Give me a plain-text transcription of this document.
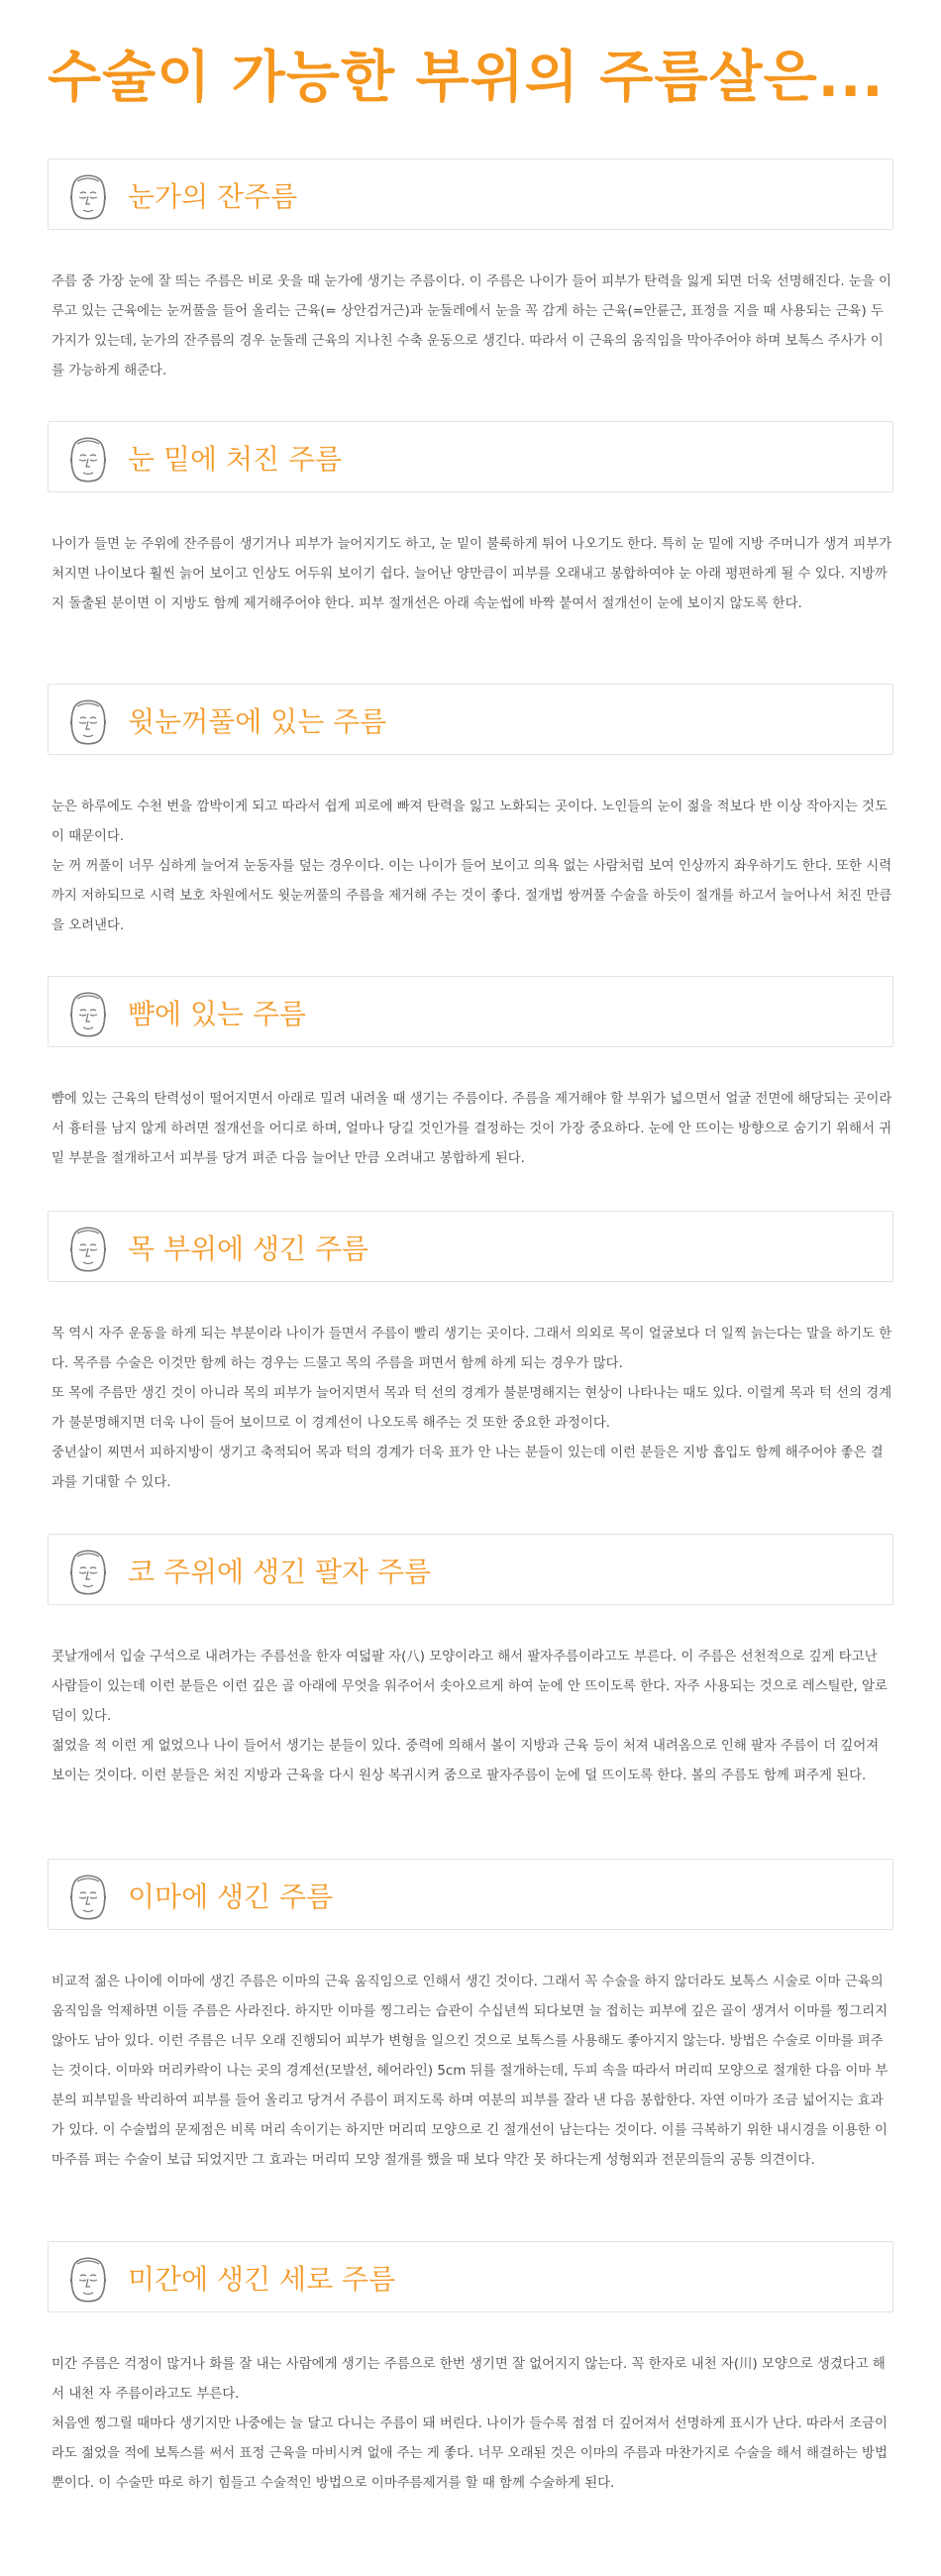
수술이 가능한 부위의 주름살은...
눈가의 잔주름

주름 중 가장 눈에 잘 띄는 주름은 비로 웃을 때 눈가에 생기는 주름이다. 이 주름은 나이가 들어 피부가 탄력을 잃게 되면 더욱 선명해진다. 눈을 이루고 있는 근육에는 눈꺼풀을 들어 올리는 근육(= 상안검거근)과 눈둘레에서 눈을 꼭 감게 하는 근육(=안륜근, 표정을 지을 때 사용되는 근육) 두 가지가 있는데, 눈가의 잔주름의 경우 눈둘레 근육의 지나친 수축 운동으로 생긴다. 따라서 이 근육의 움직임을 막아주어야 하며 보톡스 주사가 이를 가능하게 해준다.

눈 밑에 처진 주름

나이가 들면 눈 주위에 잔주름이 생기거나 피부가 늘어지기도 하고, 눈 밑이 불룩하게 튀어 나오기도 한다. 특히 눈 밑에 지방 주머니가 생겨 피부가 처지면 나이보다 훨씬 늙어 보이고 인상도 어두워 보이기 쉽다. 늘어난 양만큼이 피부를 오래내고 봉합하여야 눈 아래 평편하게 될 수 있다. 지방까지 돌출된 분이면 이 지방도 함께 제거해주어야 한다. 피부 절개선은 아래 속눈썹에 바짝 붙여서 절개선이 눈에 보이지 않도록 한다.

윗눈꺼풀에 있는 주름

눈은 하루에도 수천 번을 깜박이게 되고 따라서 쉽게 피로에 빠져 탄력을 잃고 노화되는 곳이다. 노인들의 눈이 젊을 적보다 반 이상 작아지는 것도 이 때문이다.

눈 꺼 꺼풀이 너무 심하게 늘어져 눈동자를 덮는 경우이다. 이는 나이가 들어 보이고 의욕 없는 사람처럼 보여 인상까지 좌우하기도 한다. 또한 시력까지 저하되므로 시력 보호 차원에서도 윗눈꺼풀의 주름을 제거해 주는 것이 좋다. 절개법 쌍꺼풀 수술을 하듯이 절개를 하고서 늘어나서 처진 만큼을 오려낸다.

뺨에 있는 주름

뺨에 있는 근육의 탄력성이 떨어지면서 아래로 밀려 내려올 때 생기는 주름이다. 주름을 제거해야 할 부위가 넓으면서 얼굴 전면에 해당되는 곳이라서 흉터를 남지 않게 하려면 절개선을 어디로 하며, 얼마나 당길 것인가를 결정하는 것이 가장 중요하다. 눈에 안 뜨이는 방향으로 숨기기 위해서 귀밑 부분을 절개하고서 피부를 당겨 펴준 다음 늘어난 만큼 오려내고 봉합하게 된다.

목 부위에 생긴 주름

목 역시 자주 운동을 하게 되는 부분이라 나이가 들면서 주름이 빨리 생기는 곳이다. 그래서 의외로 목이 얼굴보다 더 일찍 늙는다는 말을 하기도 한다. 목주름 수술은 이것만 함께 하는 경우는 드물고 목의 주름을 펴면서 함께 하게 되는 경우가 많다.

또 목에 주름만 생긴 것이 아니라 목의 피부가 늘어지면서 목과 턱 선의 경계가 불분명해지는 현상이 나타나는 때도 있다. 이럴게 목과 턱 선의 경계가 불분명해지면 더욱 나이 들어 보이므로 이 경계선이 나오도록 해주는 것 또한 중요한 과정이다.

중년살이 찌면서 피하지방이 생기고 축적되어 목과 턱의 경계가 더욱 표가 안 나는 분들이 있는데 이런 분들은 지방 흡입도 함께 해주어야 좋은 결과를 기대할 수 있다.

코 주위에 생긴 팔자 주름

콧날개에서 입술 구석으로 내려가는 주름선을 한자 여덟팔 자(八) 모양이라고 해서 팔자주름이라고도 부른다. 이 주름은 선천적으로 깊게 타고난 사람들이 있는데 이런 분들은 이런 깊은 골 아래에 무엇을 워주어서 솟아오르게 하여 눈에 안 뜨이도록 한다. 자주 사용되는 것으로 레스틸란, 알로덤이 있다.

젊었을 적 이런 게 없었으나 나이 들어서 생기는 분들이 있다. 중력에 의해서 볼이 지방과 근육 등이 처져 내려옴으로 인해 팔자 주름이 더 깊어져 보이는 것이다. 이런 분들은 처진 지방과 근육을 다시 원상 복귀시켜 줌으로 팔자주름이 눈에 덜 뜨이도록 한다. 볼의 주름도 함께 펴주게 된다.

이마에 생긴 주름

비교적 젊은 나이에 이마에 생긴 주름은 이마의 근육 움직임으로 인해서 생긴 것이다. 그래서 꼭 수술을 하지 않더라도 보톡스 시술로 이마 근육의 움직임을 억제하면 이들 주름은 사라진다. 하지만 이마를 찡그리는 습관이 수십년씩 되다보면 늘 접히는 피부에 깊은 골이 생겨서 이마를 찡그리지 않아도 남아 있다. 이런 주름은 너무 오래 진행되어 피부가 변형을 일으킨 것으로 보톡스를 사용해도 좋아지지 않는다. 방법은 수술로 이마를 펴주는 것이다. 이마와 머리카락이 나는 곳의 경계선(모발선, 헤어라인) 5cm 뒤를 절개하는데, 두피 속을 따라서 머리띠 모양으로 절개한 다음 이마 부분의 피부밑을 박리하여 피부를 들어 올리고 당겨서 주름이 펴지도록 하며 여분의 피부를 잘라 낸 다음 봉합한다. 자연 이마가 조금 넓어지는 효과가 있다. 이 수술법의 문제점은 비록 머리 속이기는 하지만 머리띠 모양으로 긴 절개선이 남는다는 것이다. 이를 극복하기 위한 내시경을 이용한 이마주름 펴는 수술이 보급 되었지만 그 효과는 머리띠 모양 절개를 했을 때 보다 약간 못 하다는게 성형외과 전문의들의 공통 의견이다.

미간에 생긴 세로 주름

미간 주름은 걱정이 많거나 화를 잘 내는 사람에게 생기는 주름으로 한번 생기면 잘 없어지지 않는다. 꼭 한자로 내천 자(川) 모양으로 생겼다고 해서 내천 자 주름이라고도 부른다.

처음엔 찡그릴 때마다 생기지만 나중에는 늘 달고 다니는 주름이 돼 버린다. 나이가 들수록 점점 더 깊어져서 선명하게 표시가 난다. 따라서 조금이라도 젊었을 적에 보톡스를 써서 표정 근육을 마비시켜 없애 주는 게 좋다. 너무 오래된 것은 이마의 주름과 마찬가지로 수술을 해서 해결하는 방법뿐이다. 이 수술만 따로 하기 힘들고 수술적인 방법으로 이마주름제거를 할 때 함께 수술하게 된다.
